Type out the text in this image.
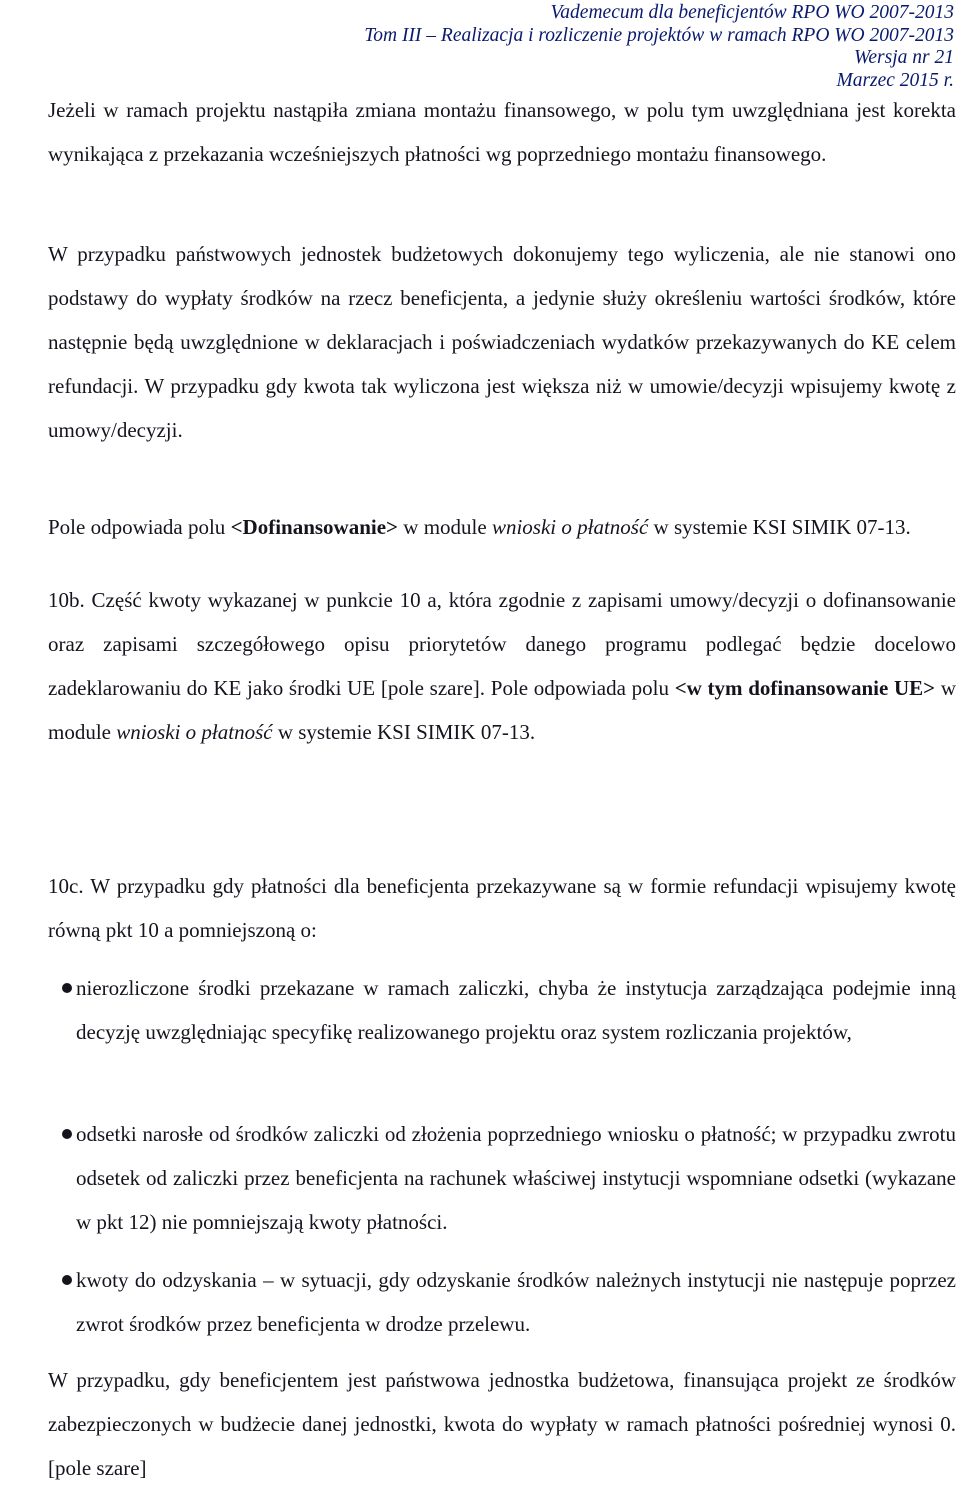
Vademecum dla beneficjentów RPO WO 2007-2013
Tom III – Realizacja i rozliczenie projektów w ramach RPO WO 2007-2013
Wersja nr 21
Marzec 2015 r.

Jeżeli w ramach projektu nastąpiła zmiana montażu finansowego, w polu tym uwzględniana jest korekta wynikająca z przekazania wcześniejszych płatności wg poprzedniego montażu finansowego.

W przypadku państwowych jednostek budżetowych dokonujemy tego wyliczenia, ale nie stanowi ono podstawy do wypłaty środków na rzecz beneficjenta, a jedynie służy określeniu wartości środków, które następnie będą uwzględnione w deklaracjach i poświadczeniach wydatków przekazywanych do KE celem refundacji. W przypadku gdy kwota tak wyliczona jest większa niż w umowie/decyzji wpisujemy kwotę z umowy/decyzji.

Pole odpowiada polu <Dofinansowanie> w module wnioski o płatność w systemie KSI SIMIK 07-13.

10b. Część kwoty wykazanej w punkcie 10 a, która zgodnie z zapisami umowy/decyzji o dofinansowanie oraz zapisami szczegółowego opisu priorytetów danego programu podlegać będzie docelowo zadeklarowaniu do KE jako środki UE [pole szare]. Pole odpowiada polu <w tym dofinansowanie UE> w module wnioski o płatność w systemie KSI SIMIK 07-13.

10c. W przypadku gdy płatności dla beneficjenta przekazywane są w formie refundacji wpisujemy kwotę równą pkt 10 a pomniejszoną o:

nierozliczone środki przekazane w ramach zaliczki, chyba że instytucja zarządzająca podejmie inną decyzję uwzględniając specyfikę realizowanego projektu oraz system rozliczania projektów,
odsetki narosłe od środków zaliczki od złożenia poprzedniego wniosku o płatność; w przypadku zwrotu odsetek od zaliczki przez beneficjenta na rachunek właściwej instytucji wspomniane odsetki (wykazane w pkt 12) nie pomniejszają kwoty płatności.
kwoty do odzyskania – w sytuacji, gdy odzyskanie środków należnych instytucji nie następuje poprzez zwrot środków przez beneficjenta w drodze przelewu.

W przypadku, gdy beneficjentem jest państwowa jednostka budżetowa, finansująca projekt ze środków zabezpieczonych w budżecie danej jednostki, kwota do wypłaty w ramach płatności pośredniej wynosi 0. [pole szare]
